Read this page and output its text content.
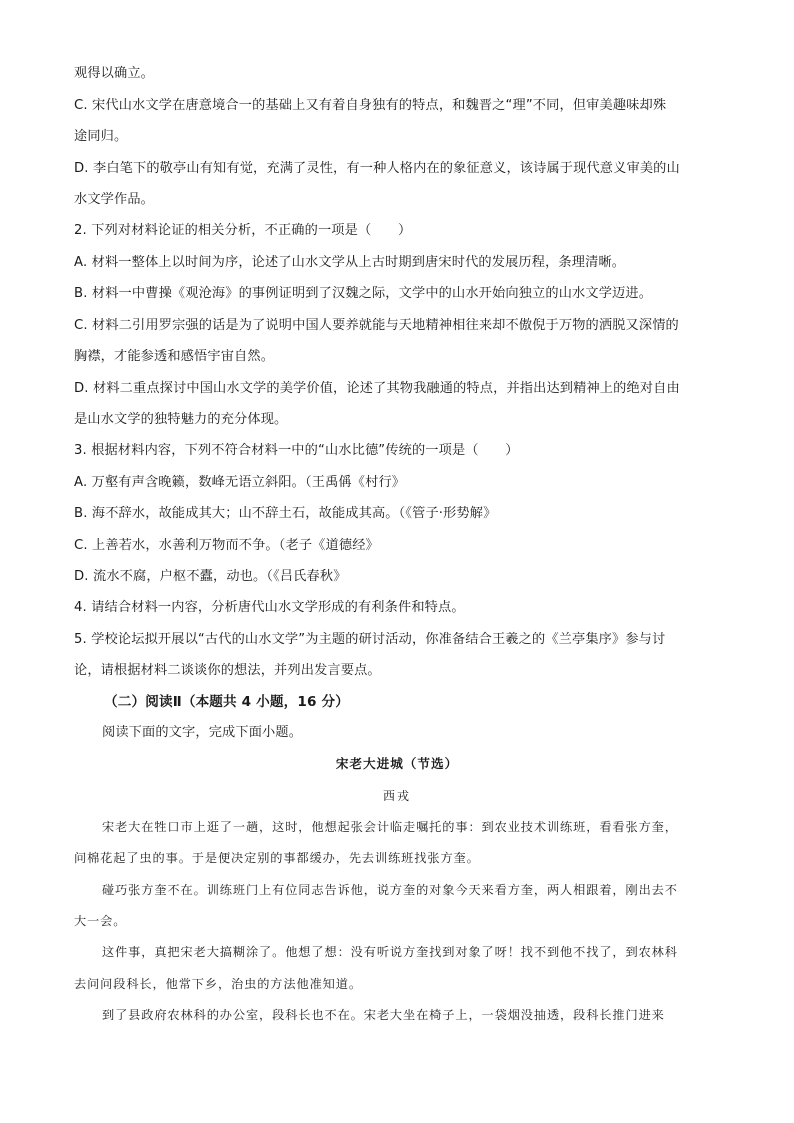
观得以确立。
C. 宋代山水文学在唐意境合一的基础上又有着自身独有的特点，和魏晋之“理”不同，但审美趣味却殊
途同归。
D. 李白笔下的敬亭山有知有觉，充满了灵性，有一种人格内在的象征意义，该诗属于现代意义审美的山
水文学作品。
2. 下列对材料论证的相关分析，不正确的一项是（　　）
A. 材料一整体上以时间为序，论述了山水文学从上古时期到唐宋时代的发展历程，条理清晰。
B. 材料一中曹操《观沧海》的事例证明到了汉魏之际，文学中的山水开始向独立的山水文学迈进。
C. 材料二引用罗宗强的话是为了说明中国人要养就能与天地精神相往来却不傲倪于万物的洒脱又深情的
胸襟，才能参透和感悟宇宙自然。
D. 材料二重点探讨中国山水文学的美学价值，论述了其物我融通的特点，并指出达到精神上的绝对自由
是山水文学的独特魅力的充分体现。
3. 根据材料内容，下列不符合材料一中的“山水比德”传统的一项是（　　）
A. 万壑有声含晚籁，数峰无语立斜阳。（王禹偁《村行》
B. 海不辞水，故能成其大；山不辞土石，故能成其高。（《管子·形势解》
C. 上善若水，水善利万物而不争。（老子《道德经》
D. 流水不腐，户枢不蠹，动也。（《吕氏春秋》
4. 请结合材料一内容，分析唐代山水文学形成的有利条件和特点。
5. 学校论坛拟开展以“古代的山水文学”为主题的研讨活动，你准备结合王羲之的《兰亭集序》参与讨
论，请根据材料二谈谈你的想法，并列出发言要点。
（二）阅读Ⅱ（本题共 4 小题，16 分）
阅读下面的文字，完成下面小题。
宋老大进城（节选）
西戎
宋老大在牲口市上逛了一趟，这时，他想起张会计临走嘱托的事：到农业技术训练班，看看张方奎，
问棉花起了虫的事。于是便决定别的事都缓办，先去训练班找张方奎。
碰巧张方奎不在。训练班门上有位同志告诉他，说方奎的对象今天来看方奎，两人相跟着，刚出去不
大一会。
这件事，真把宋老大搞糊涂了。他想了想：没有听说方奎找到对象了呀！找不到他不找了，到农林科
去问问段科长，他常下乡，治虫的方法他准知道。
到了县政府农林科的办公室，段科长也不在。宋老大坐在椅子上，一袋烟没抽透，段科长推门进来
